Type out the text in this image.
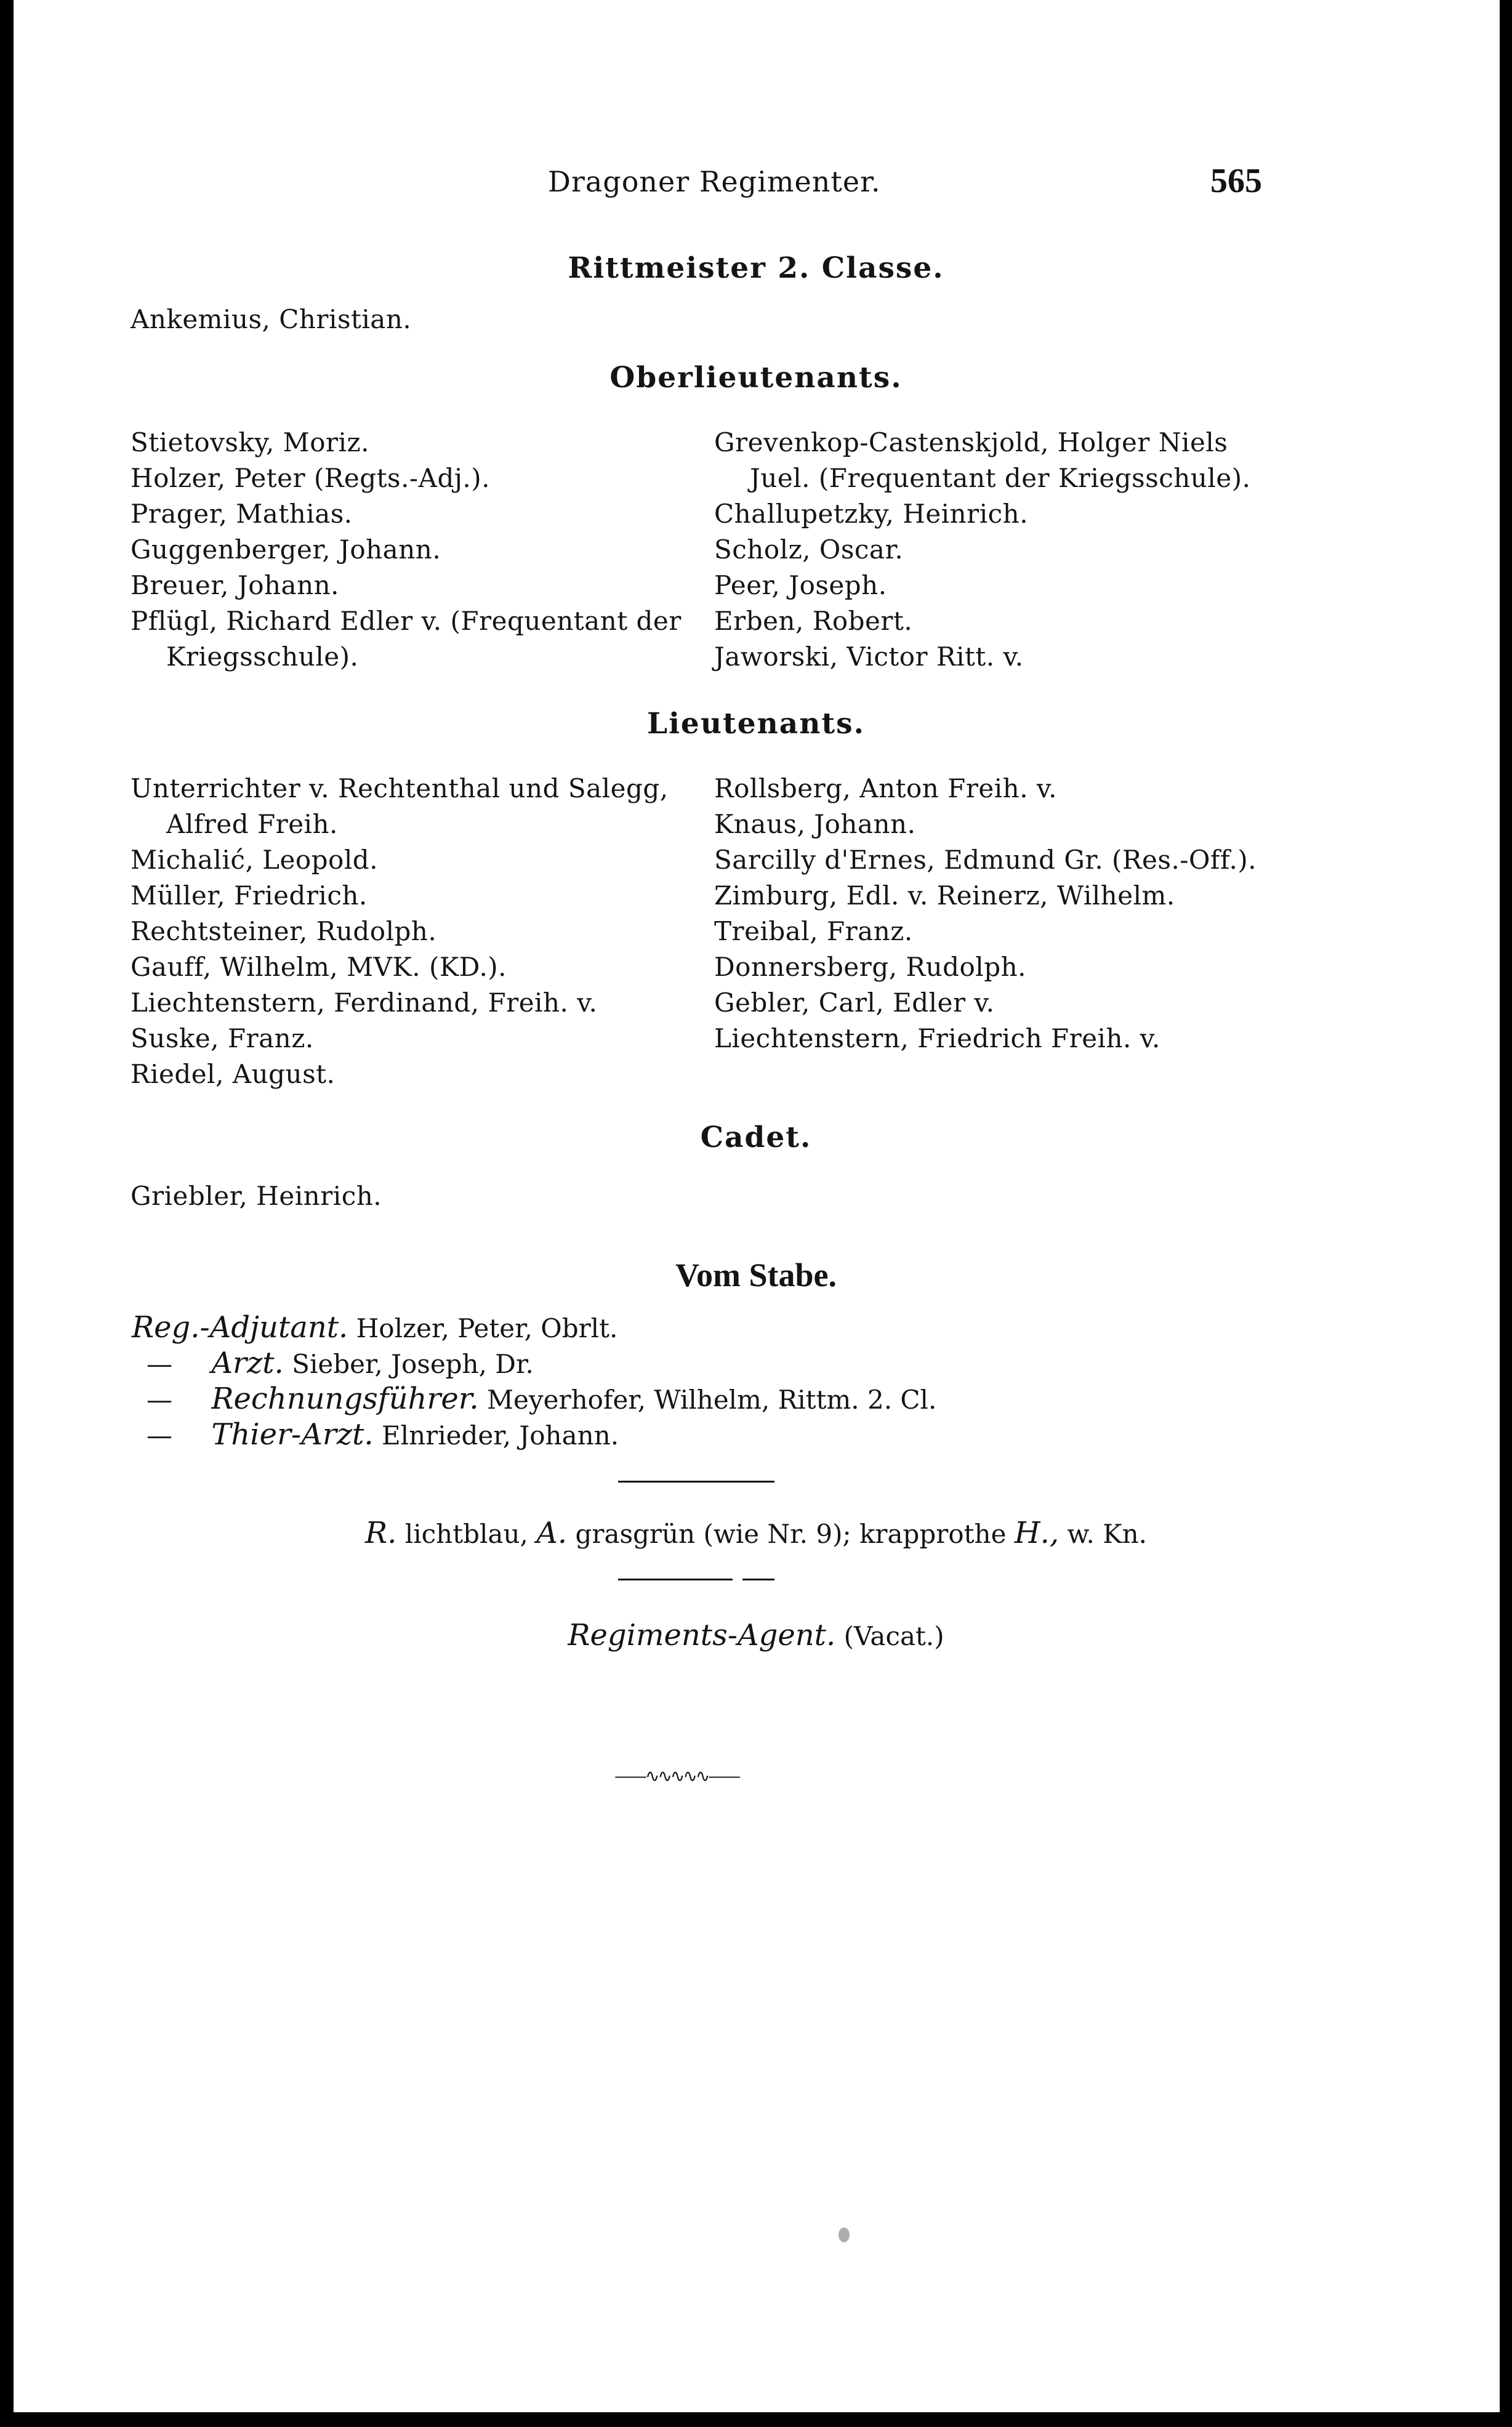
Dragoner Regimenter.	565
Rittmeister 2. Classe.
Ankemius, Christian.
Oberlieutenants.
Stietovsky, Moriz.
Holzer, Peter (Regts.-Adj.).
Prager, Mathias.
Guggenberger, Johann.
Breuer, Johann.
Pflügl, Richard Edler v. (Frequentant der
Kriegsschule).
Grevenkop-Castenskjold, Holger Niels
Juel. (Frequentant der Kriegsschule).
Challupetzky, Heinrich.
Scholz, Oscar.
Peer, Joseph.
Erben, Robert.
Jaworski, Victor Ritt. v.
Lieutenants.
Unterrichter v. Rechtenthal und Salegg,
Alfred Freih.
Michalić, Leopold.
Müller, Friedrich.
Rechtsteiner, Rudolph.
Gauff, Wilhelm, MVK. (KD.).
Liechtenstern, Ferdinand, Freih. v.
Suske, Franz.
Riedel, August.
Rollsberg, Anton Freih. v.
Knaus, Johann.
Sarcilly d'Ernes, Edmund Gr. (Res.-Off.).
Zimburg, Edl. v. Reinerz, Wilhelm.
Treibal, Franz.
Donnersberg, Rudolph.
Gebler, Carl, Edler v.
Liechtenstern, Friedrich Freih. v.
Cadet.
Griebler, Heinrich.
Vom Stabe.
Reg.-Adjutant. Holzer, Peter, Obrlt.
— Arzt. Sieber, Joseph, Dr.
— Rechnungsführer. Meyerhofer, Wilhelm, Rittm. 2. Cl.
— Thier-Arzt. Elnrieder, Johann.
R. lichtblau, A. grasgrün (wie Nr. 9); krapprothe H., w. Kn.
Regiments-Agent. (Vacat.)
——∿∿∿∿∿——
